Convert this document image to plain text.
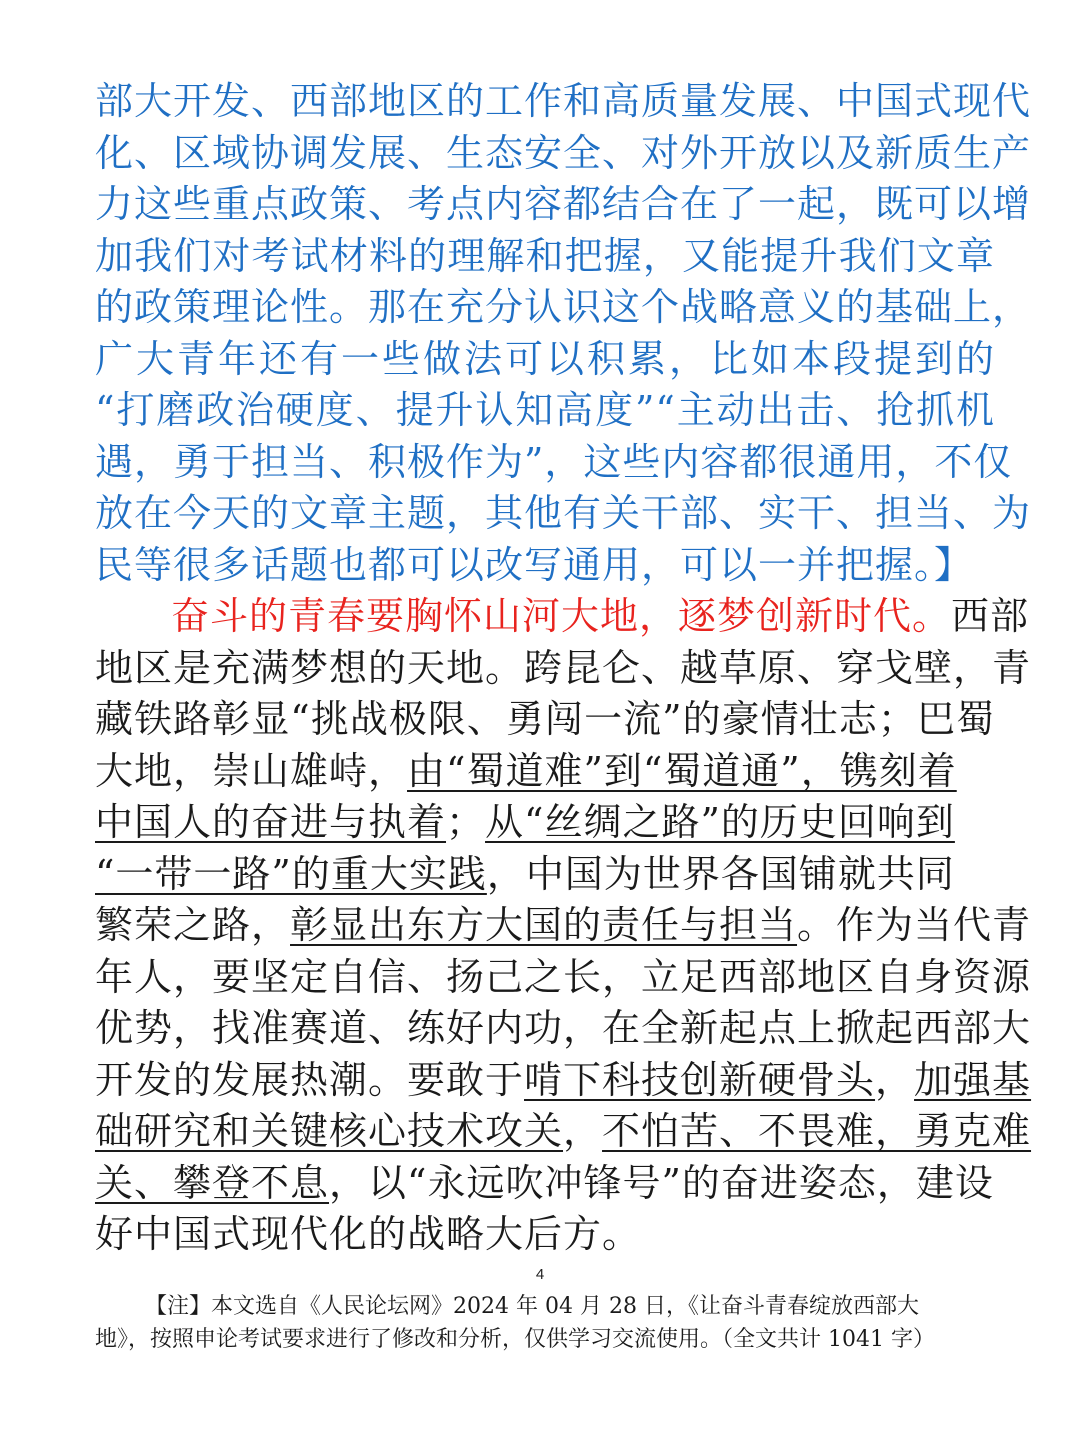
部大开发、西部地区的工作和高质量发展、中国式现代
化、区域协调发展、生态安全、对外开放以及新质生产
力这些重点政策、考点内容都结合在了一起，既可以增
加我们对考试材料的理解和把握，又能提升我们文章
的政策理论性。那在充分认识这个战略意义的基础上，
广大青年还有一些做法可以积累，比如本段提到的
“打磨政治硬度、提升认知高度”“主动出击、抢抓机
遇，勇于担当、积极作为”，这些内容都很通用，不仅
放在今天的文章主题，其他有关干部、实干、担当、为
民等很多话题也都可以改写通用，可以一并把握。】
奋斗的青春要胸怀山河大地，逐梦创新时代。西部
地区是充满梦想的天地。跨昆仑、越草原、穿戈壁，青
藏铁路彰显“挑战极限、勇闯一流”的豪情壮志；巴蜀
大地，崇山雄峙，由“蜀道难”到“蜀道通”，镌刻着
中国人的奋进与执着；从“丝绸之路”的历史回响到
“一带一路”的重大实践，中国为世界各国铺就共同
繁荣之路，彰显出东方大国的责任与担当。作为当代青
年人，要坚定自信、扬己之长，立足西部地区自身资源
优势，找准赛道、练好内功，在全新起点上掀起西部大
开发的发展热潮。要敢于啃下科技创新硬骨头，加强基
础研究和关键核心技术攻关，不怕苦、不畏难，勇克难
关、攀登不息，以“永远吹冲锋号”的奋进姿态，建设
好中国式现代化的战略大后方。
4
【注】本文选自《人民论坛网》2024 年 04 月 28 日，《让奋斗青春绽放西部大
地》，按照申论考试要求进行了修改和分析，仅供学习交流使用。（全文共计 1041 字）
